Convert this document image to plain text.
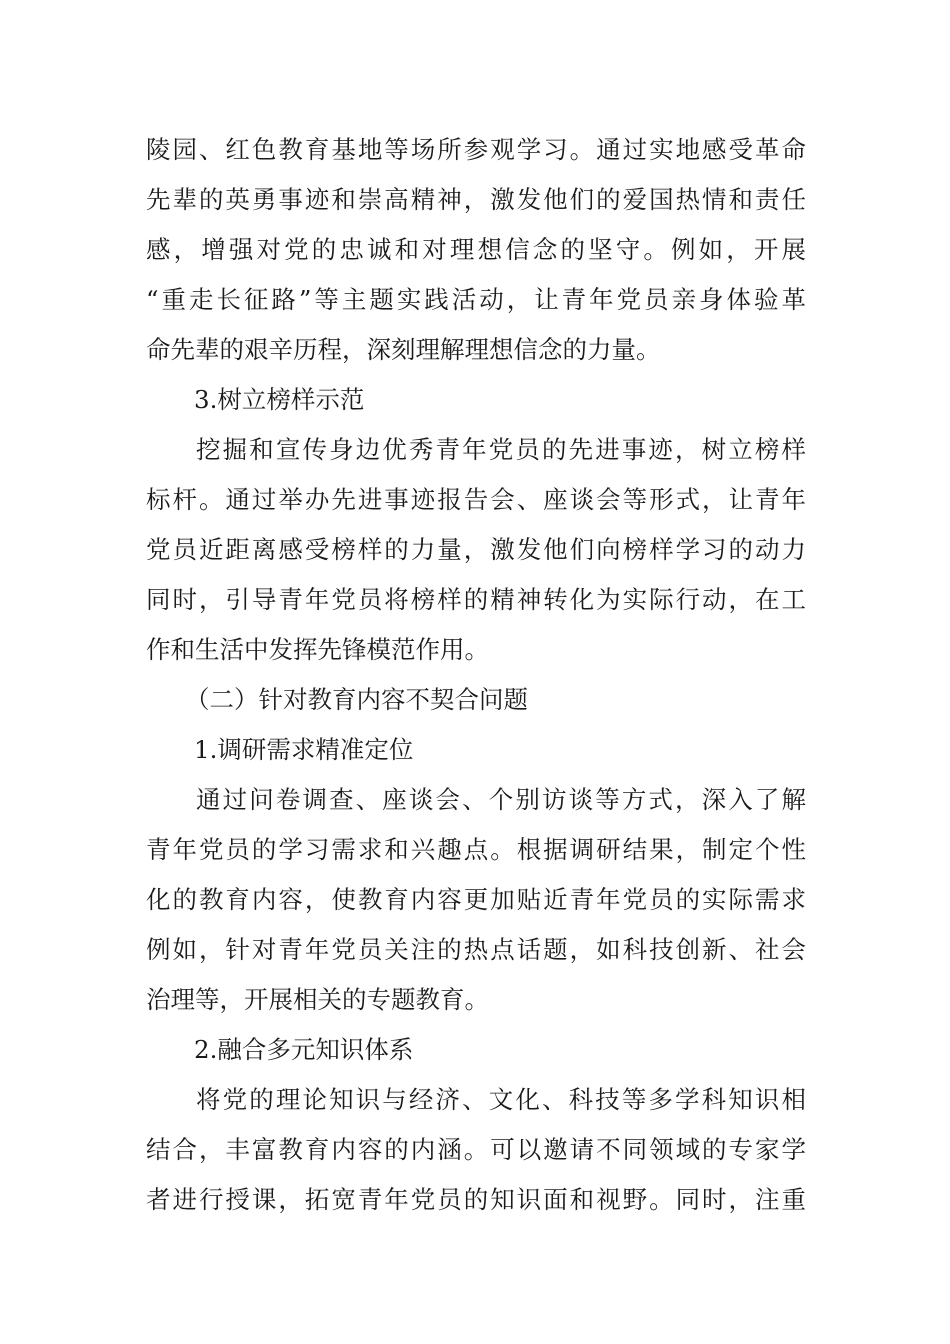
陵园、红色教育基地等场所参观学习。通过实地感受革命
先辈的英勇事迹和崇高精神，激发他们的爱国热情和责任
感，增强对党的忠诚和对理想信念的坚守。例如，开展
“重走长征路”等主题实践活动，让青年党员亲身体验革
命先辈的艰辛历程，深刻理解理想信念的力量。
3.树立榜样示范
挖掘和宣传身边优秀青年党员的先进事迹，树立榜样
标杆。通过举办先进事迹报告会、座谈会等形式，让青年
党员近距离感受榜样的力量，激发他们向榜样学习的动力
同时，引导青年党员将榜样的精神转化为实际行动，在工
作和生活中发挥先锋模范作用。
（二）针对教育内容不契合问题
1.调研需求精准定位
通过问卷调查、座谈会、个别访谈等方式，深入了解
青年党员的学习需求和兴趣点。根据调研结果，制定个性
化的教育内容，使教育内容更加贴近青年党员的实际需求
例如，针对青年党员关注的热点话题，如科技创新、社会
治理等，开展相关的专题教育。
2.融合多元知识体系
将党的理论知识与经济、文化、科技等多学科知识相
结合，丰富教育内容的内涵。可以邀请不同领域的专家学
者进行授课，拓宽青年党员的知识面和视野。同时，注重
